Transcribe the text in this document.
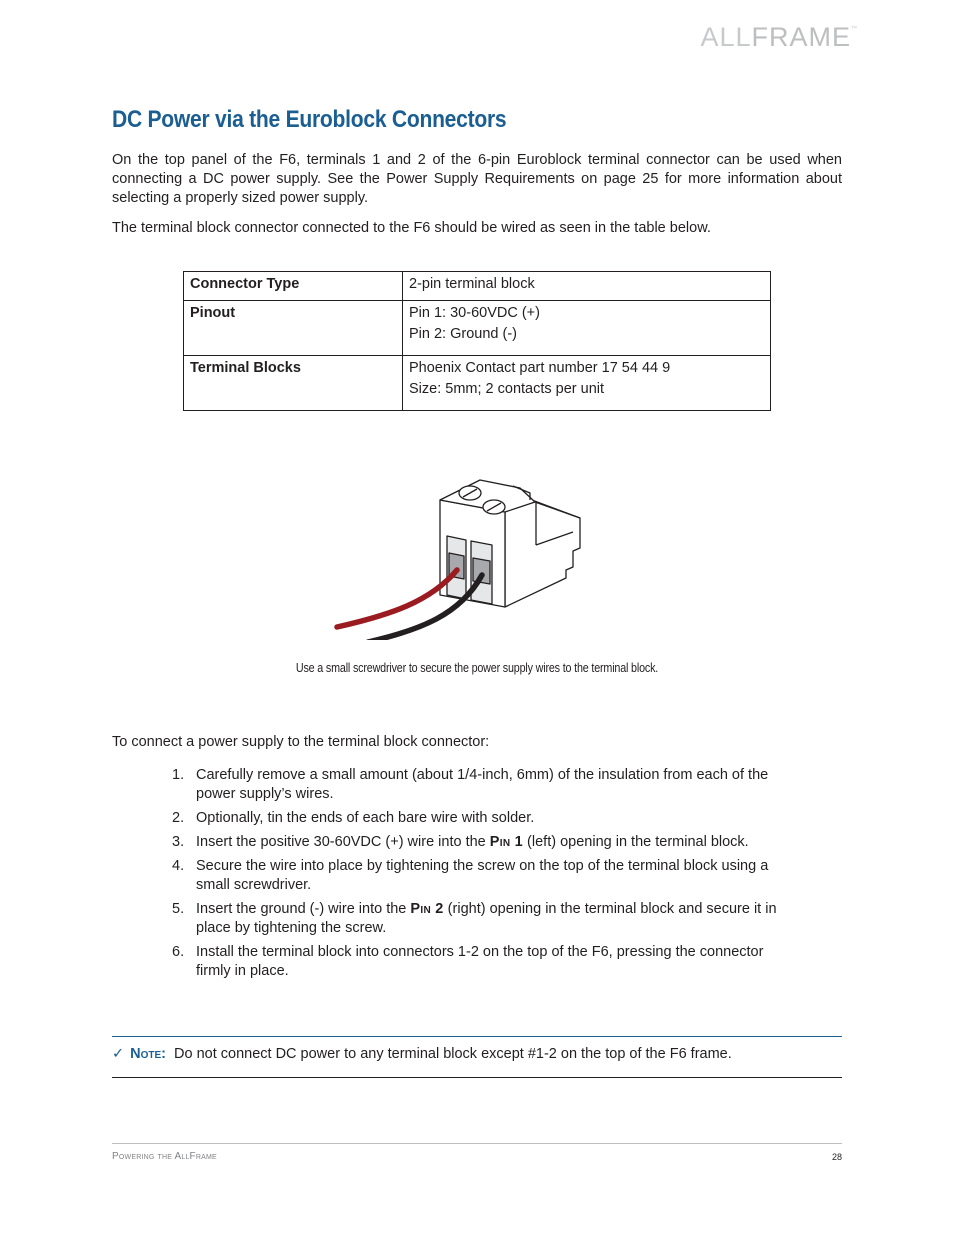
ALLFRAME™
DC Power via the Euroblock Connectors

On the top panel of the F6, terminals 1 and 2 of the 6-pin Euroblock terminal connector can be used when connecting a DC power supply. See the Power Supply Requirements on page 25 for more information about selecting a properly sized power supply.

The terminal block connector connected to the F6 should be wired as seen in the table below.

Connector Type	2-pin terminal block

Pinout	Pin 1: 30-60VDC (+)
Pin 2: Ground (-)

Terminal Blocks	Phoenix Contact part number 17 54 44 9
Size: 5mm; 2 contacts per unit
Use a small screwdriver to secure the power supply wires to the terminal block.

To connect a power supply to the terminal block connector:

1. Carefully remove a small amount (about 1/4-inch, 6mm) of the insulation from each of the power supply’s wires.
2. Optionally, tin the ends of each bare wire with solder.
3. Insert the positive 30-60VDC (+) wire into the Pin 1 (left) opening in the terminal block.
4. Secure the wire into place by tightening the screw on the top of the terminal block using a small screwdriver.
5. Insert the ground (-) wire into the Pin 2 (right) opening in the terminal block and secure it in place by tightening the screw.
6. Install the terminal block into connectors 1-2 on the top of the F6, pressing the connector firmly in place.
✓ Note: Do not connect DC power to any terminal block except #1-2 on the top of the F6 frame.
Powering the AllFrame	28
